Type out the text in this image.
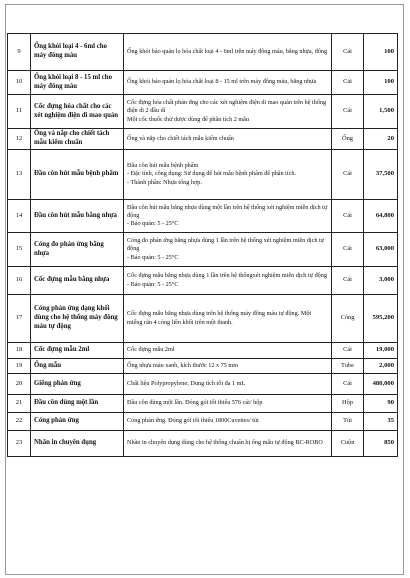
9	Ống khói loại 4 - 6ml cho máy đông máu	Ống khói bảo quản lọ hóa chất loại 4 - 6ml trên máy đông máu, bằng nhựa, đông	Cái	100
10	Ống khói loại 8 - 15 ml cho máy đông máu	Ống khói bảo quản lọ hóa chất loại 8 - 15 ml trên máy đông máu, bằng nhựa	Cái	100
11	Cốc đựng hóa chất cho các xét nghiệm điện di mao quản	Cốc đựng hóa chất phản ứng cho các xét nghiệm điện di mao quản trên hệ thống điện di 2 đầu dí
Một cốc thuốc thử dược dùng để phân tích 2 mẫu	Cái	1,500
12	Ống và nắp cho chiết tách mẫu kiểm chuẩn	Ống và nắp cho chiết tách mẫu kiểm chuẩn	Ống	20
13	Đầu côn hút mẫu bệnh phẩm	Đầu côn hút mẫu bệnh phẩm
- Đặc tính, công dụng: Sử dụng để hút mẫu bệnh phẩm để phân tích.
- Thành phần: Nhựa tổng hợp.	Cái	37,500
14	Đầu côn hút mẫu bằng nhựa	Đầu côn hút mẫu bằng nhựa dùng một lần trên hệ thống xét nghiệm miễn dịch tự động
- Bảo quản: 5 - 25°C	Cái	64,800
15	Cóng đo phản ứng bằng nhựa	Cóng đo phản ứng bằng nhựa dùng 1 lần trên hệ thống xét nghiệm miễn dịch tự động
- Bảo quản: 5 - 25°C	Cái	63,000
16	Cốc đựng mẫu bằng nhựa	Cốc đựng mẫu bằng nhựa dùng 1 lần trên hệ thốngxét nghiệm miễn dịch tự động
- Bảo quản: 5 - 25°C	Cái	3,000
17	Cóng phản ứng dạng khối dùng cho hệ thống máy đông máu tự động	Cốc đựng mẫu bằng nhựa dùng trên hệ thống máy đông máu tự động. Một miếng rãn 4 cóng liền khối trên một thanh.	Cóng	595,200
18	Cốc đựng mẫu 2ml	Cốc đựng mẫu 2ml	Cái	19,000
19	Ống mẫu	Ống nhựa màu xanh, kích thước 12 x 75 mm	Tube	2,000
20	Giếng phản ứng	Chất liệu Polypropylene; Dung tích tối đa 1 mL	Cái	480,000
21	Đầu côn dùng một lần	Đầu côn dùng một lần. Đóng gói tối thiểu 576 cái/ hộp	Hộp	90
22	Cóng phản ứng	Cóng phản ứng. Đóng gói tối thiểu 1800Cuvettes/ túi	Túi	35
23	Nhãn in chuyên dụng	Nhãn in chuyên dụng dùng cho hệ thống chuẩn bị ống mẫu tự động BC-ROBO	Cuộn	850
